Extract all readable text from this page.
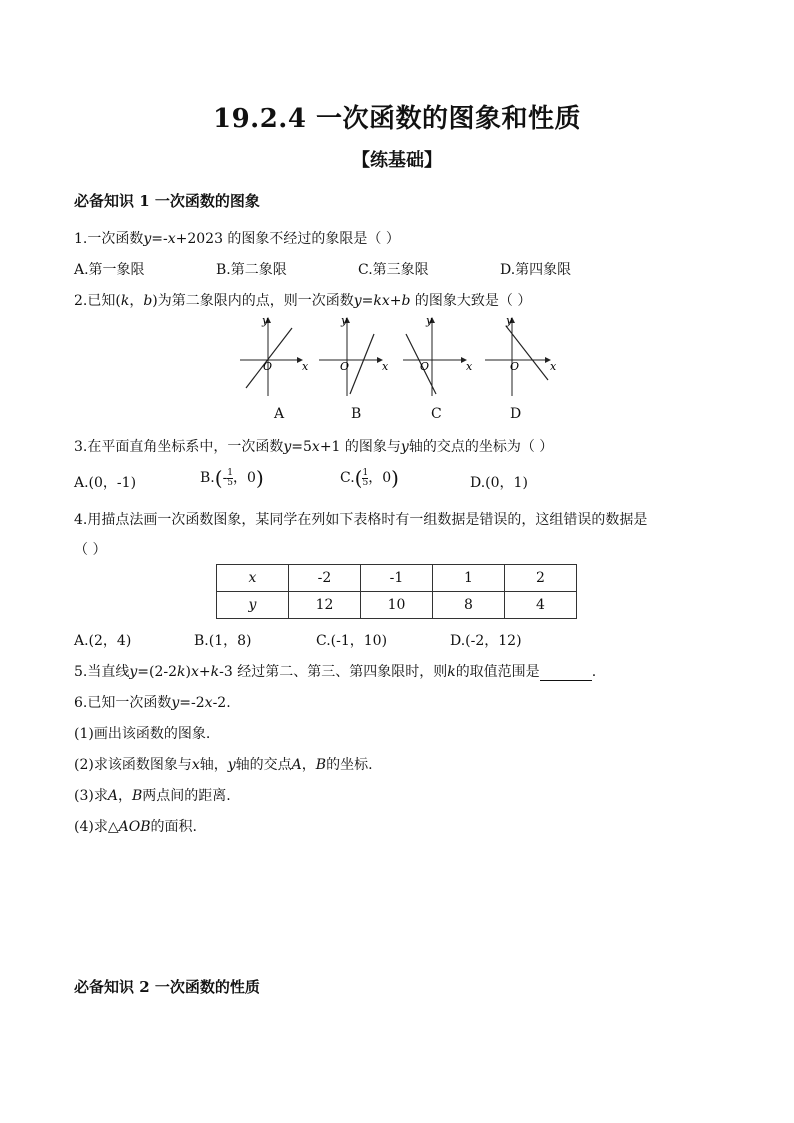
19.2.4 一次函数的图象和性质
【练基础】
必备知识 1 一次函数的图象
1.一次函数y=-x+2023 的图象不经过的象限是（ ）
A.第一象限	B.第二象限	C.第三象限	D.第四象限
2.已知(k，b)为第二象限内的点，则一次函数y=kx+b 的图象大致是（ ）
y
x
O
y
x
O
y
x
O
y
x
O
A	B	C	D
3.在平面直角坐标系中，一次函数y=5x+1 的图象与y轴的交点的坐标为（ ）
A.(0，-1)	$B.(- \frac{1}{5}$ ，0)	$C.( \frac{1}{5}$ ，0)	D.(0，1)
4.用描点法画一次函数图象，某同学在列如下表格时有一组数据是错误的，这组错误的数据是
（ ）
x	-2	-1	1	2
y	12	10	8	4
A.(2，4)	B.(1，8)	C.(-1，10)	D.(-2，12)
5.当直线y=(2-2k)x+k-3 经过第二、第三、第四象限时，则k的取值范围是	.
6.已知一次函数y=-2x-2.
(1)画出该函数的图象.
(2)求该函数图象与x轴，y轴的交点A，B的坐标.
(3)求A，B两点间的距离.
(4)求△AOB的面积.
必备知识 2 一次函数的性质
